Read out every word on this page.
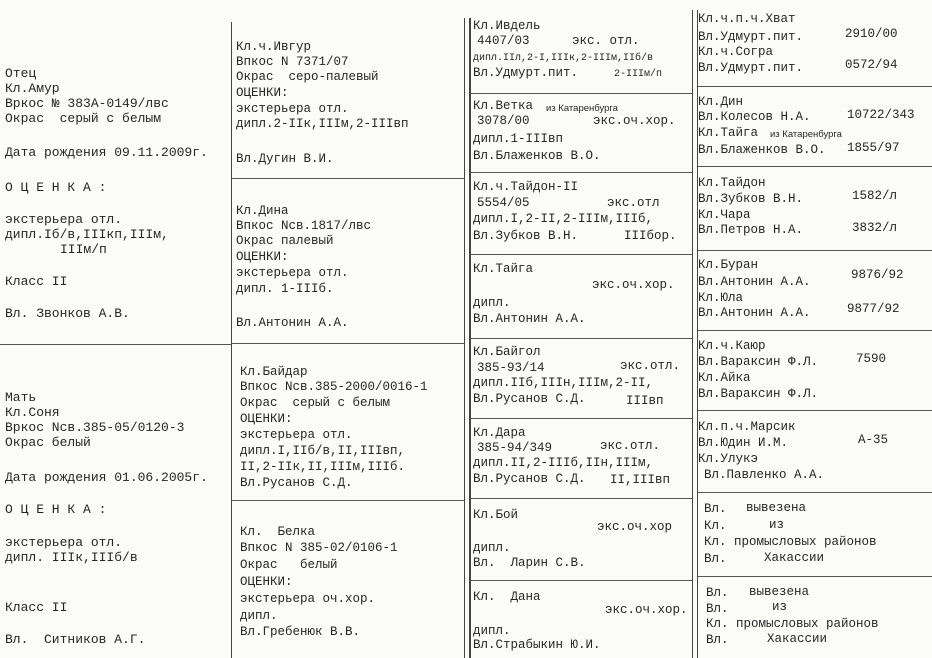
Отец
Кл.Амур
Вркос № 383А-0149/лвс
Окрас  серый с белым
Дата рождения 09.11.2009г.
О Ц Е Н К А :
экстерьера отл.
дипл.Iб/в,IIIкп,IIIм,
IIIм/п
Класс II
Вл. Звонков А.В.
Мать
Кл.Соня
Вркос Nсв.385-05/0120-3
Окрас белый
Дата рождения 01.06.2005г.
О Ц Е Н К А :
экстерьера отл.
дипл. IIIк,IIIб/в
Класс II
Вл.  Ситников А.Г.
Кл.ч.Ивгур
Впкос N 7371/07
Окрас  серо-палевый
ОЦЕНКИ:
экстерьера отл.
дипл.2-IIк,IIIм,2-IIIвп
Вл.Дугин В.И.
Кл.Дина
Впкос Nсв.1817/лвс
Окрас палевый
ОЦЕНКИ:
экстерьера отл.
дипл. 1-IIIб.
Вл.Антонин А.А.
Кл.Байдар
Впкос Nсв.385-2000/0016-1
Окрас  серый с белым
ОЦЕНКИ:
экстерьера отл.
дипл.I,IIб/в,II,IIIвп,
II,2-IIк,II,IIIм,IIIб.
Вл.Русанов С.Д.
Кл.  Белка
Впкос N 385-02/0106-1
Окрас   белый
ОЦЕНКИ:
экстерьера оч.хор.
дипл.
Вл.Гребенюк В.В.
Кл.Ивдель
4407/03	экс. отл.
дипл.IIл,2-I,IIIк,2-IIIм,IIб/в
Вл.Удмурт.пит.	2-IIIм/п
Кл.Ветка из Катаренбурга
3078/00	экс.оч.хор.
дипл.1-IIIвп
Вл.Блаженков В.О.
Кл.ч.Тайдон-II
5554/05	экс.отл
дипл.I,2-II,2-IIIм,IIIб,
Вл.Зубков В.Н.	IIIбор.
Кл.Тайга
экс.оч.хор.
дипл.
Вл.Антонин А.А.
Кл.Байгол
385-93/14	экс.отл.
дипл.IIб,IIIн,IIIм,2-II,
Вл.Русанов С.Д.	IIIвп
Кл.Дара
385-94/349	экс.отл.
дипл.II,2-IIIб,IIн,IIIм,
Вл.Русанов С.Д. II,IIIвп
Кл.Бой
экс.оч.хор
дипл.
Вл.  Ларин С.В.
Кл.  Дана
экс.оч.хор.
дипл.
Вл.Страбыкин Ю.И.
Кл.ч.п.ч.Хват
Вл.Удмурт.пит.	2910/00
Кл.ч.Согра
Вл.Удмурт.пит.	0572/94
Кл.Дин
Вл.Колесов Н.А.	10722/343
Кл.Тайга из Катаренбурга
Вл.Блаженков В.О. 1855/97
Кл.Тайдон
Вл.Зубков В.Н.	1582/л
Кл.Чара
Вл.Петров Н.А.	3832/л
Кл.Буран
Вл.Антонин А.А.	9876/92
Кл.Юла
Вл.Антонин А.А.	9877/92
Кл.ч.Каюр
Вл.Вараксин Ф.Л.	7590
Кл.Айка
Вл.Вараксин Ф.Л.
Кл.п.ч.Марсик
Вл.Юдин И.М.	А-35
Кл.Улукэ
Вл.Павленко А.А.
Вл. вывезена
Кл.	из
Кл. промысловых районов
Вл.	Хакассии
Вл. вывезена
Вл.	из
Кл. промысловых районов
Вл.	Хакассии
